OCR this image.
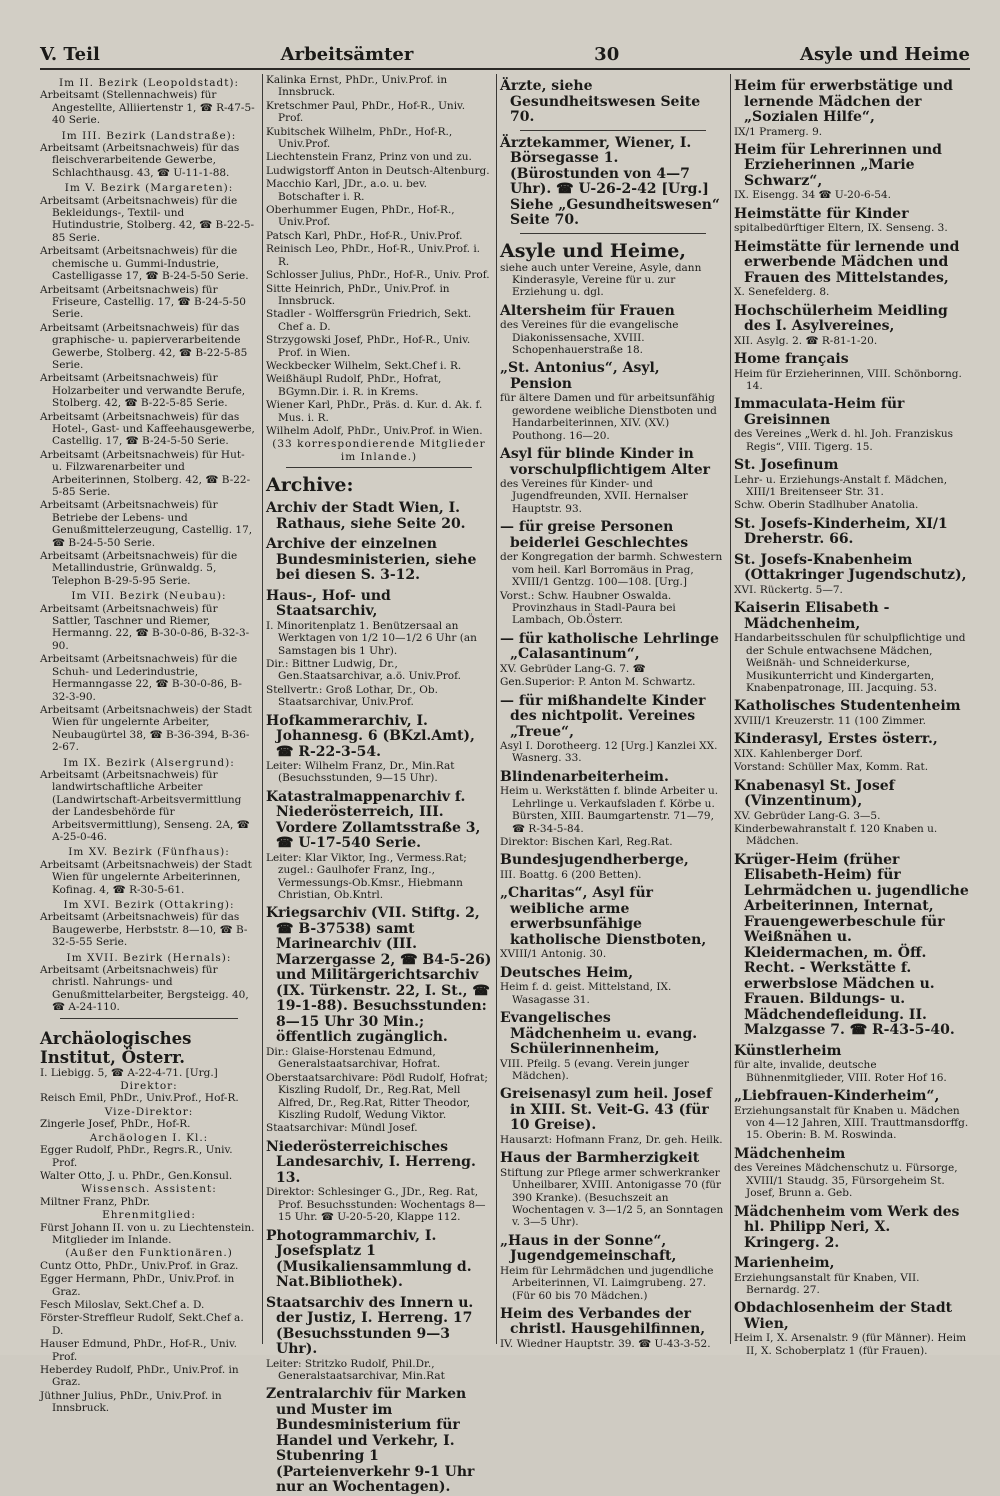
V. Teil	Arbeitsämter	30	Asyle und Heime
Im II. Bezirk (Leopoldstadt):
Arbeitsamt (Stellennachweis) für Angestellte, Alliiertenstr 1, ☎ R-47-5-40 Serie.
Im III. Bezirk (Landstraße):
Arbeitsamt (Arbeitsnachweis) für das fleischverarbeitende Gewerbe, Schlachthausg. 43, ☎ U-11-1-88.
Im V. Bezirk (Margareten):
Arbeitsamt (Arbeitsnachweis) für die Bekleidungs-, Textil- und Hutindustrie, Stolberg. 42, ☎ B-22-5-85 Serie.
Arbeitsamt (Arbeitsnachweis) für die chemische u. Gummi-Industrie, Castelligasse 17, ☎ B-24-5-50 Serie.
Arbeitsamt (Arbeitsnachweis) für Friseure, Castellig. 17, ☎ B-24-5-50 Serie.
Arbeitsamt (Arbeitsnachweis) für das graphische- u. papierverarbeitende Gewerbe, Stolberg. 42, ☎ B-22-5-85 Serie.
Arbeitsamt (Arbeitsnachweis) für Holzarbeiter und verwandte Berufe, Stolberg. 42, ☎ B-22-5-85 Serie.
Arbeitsamt (Arbeitsnachweis) für das Hotel-, Gast- und Kaffeehausgewerbe, Castellig. 17, ☎ B-24-5-50 Serie.
Arbeitsamt (Arbeitsnachweis) für Hut- u. Filzwarenarbeiter und Arbeiterinnen, Stolberg. 42, ☎ B-22-5-85 Serie.
Arbeitsamt (Arbeitsnachweis) für Betriebe der Lebens- und Genußmittelerzeugung, Castellig. 17, ☎ B-24-5-50 Serie.
Arbeitsamt (Arbeitsnachweis) für die Metallindustrie, Grünwaldg. 5, Telephon B-29-5-95 Serie.
Im VII. Bezirk (Neubau):
Arbeitsamt (Arbeitsnachweis) für Sattler, Taschner und Riemer, Hermanng. 22, ☎ B-30-0-86, B-32-3-90.
Arbeitsamt (Arbeitsnachweis) für die Schuh- und Lederindustrie, Hermanngasse 22, ☎ B-30-0-86, B-32-3-90.
Arbeitsamt (Arbeitsnachweis) der Stadt Wien für ungelernte Arbeiter, Neubaugürtel 38, ☎ B-36-394, B-36-2-67.
Im IX. Bezirk (Alsergrund):
Arbeitsamt (Arbeitsnachweis) für landwirtschaftliche Arbeiter (Landwirtschaft-Arbeitsvermittlung der Landesbehörde für Arbeitsvermittlung), Senseng. 2A, ☎ A-25-0-46.
Im XV. Bezirk (Fünfhaus):
Arbeitsamt (Arbeitsnachweis) der Stadt Wien für ungelernte Arbeiterinnen, Kofinag. 4, ☎ R-30-5-61.
Im XVI. Bezirk (Ottakring):
Arbeitsamt (Arbeitsnachweis) für das Baugewerbe, Herbststr. 8—10, ☎ B-32-5-55 Serie.
Im XVII. Bezirk (Hernals):
Arbeitsamt (Arbeitsnachweis) für christl. Nahrungs- und Genußmittelarbeiter, Bergsteigg. 40, ☎ A-24-110.
Archäologisches Institut, Österr.
I. Liebigg. 5, ☎ A-22-4-71. [Urg.]
Direktor:
Reisch Emil, PhDr., Univ.Prof., Hof-R.
Vize-Direktor:
Zingerle Josef, PhDr., Hof-R.
Archäologen I. Kl.:
Egger Rudolf, PhDr., Regrs.R., Univ. Prof.
Walter Otto, J. u. PhDr., Gen.Konsul.
Wissensch. Assistent:
Miltner Franz, PhDr.
Ehrenmitglied:
Fürst Johann II. von u. zu Liechtenstein. Mitglieder im Inlande.
(Außer den Funktionären.)
Cuntz Otto, PhDr., Univ.Prof. in Graz.
Egger Hermann, PhDr., Univ.Prof. in Graz.
Fesch Miloslav, Sekt.Chef a. D.
Förster-Streffleur Rudolf, Sekt.Chef a. D.
Hauser Edmund, PhDr., Hof-R., Univ. Prof.
Heberdey Rudolf, PhDr., Univ.Prof. in Graz.
Jüthner Julius, PhDr., Univ.Prof. in Innsbruck.
Kalinka Ernst, PhDr., Univ.Prof. in Innsbruck.
Kretschmer Paul, PhDr., Hof-R., Univ. Prof.
Kubitschek Wilhelm, PhDr., Hof-R., Univ.Prof.
Liechtenstein Franz, Prinz von und zu.
Ludwigstorff Anton in Deutsch-Altenburg.
Macchio Karl, JDr., a.o. u. bev. Botschafter i. R.
Oberhummer Eugen, PhDr., Hof-R., Univ.Prof.
Patsch Karl, PhDr., Hof-R., Univ.Prof.
Reinisch Leo, PhDr., Hof-R., Univ.Prof. i. R.
Schlosser Julius, PhDr., Hof-R., Univ. Prof.
Sitte Heinrich, PhDr., Univ.Prof. in Innsbruck.
Stadler - Wolffersgrün Friedrich, Sekt. Chef a. D.
Strzygowski Josef, PhDr., Hof-R., Univ. Prof. in Wien.
Weckbecker Wilhelm, Sekt.Chef i. R.
Weißhäupl Rudolf, PhDr., Hofrat, BGymn.Dir. i. R. in Krems.
Wiener Karl, PhDr., Präs. d. Kur. d. Ak. f. Mus. i. R.
Wilhelm Adolf, PhDr., Univ.Prof. in Wien.
(33 korrespondierende Mitglieder im Inlande.)
Archive:
Archiv der Stadt Wien, I. Rathaus, siehe Seite 20.
Archive der einzelnen Bundesministerien, siehe bei diesen S. 3-12.
Haus-, Hof- und Staatsarchiv,
I. Minoritenplatz 1. Benützersaal an Werktagen von 1/2 10—1/2 6 Uhr (an Samstagen bis 1 Uhr).
Dir.: Bittner Ludwig, Dr., Gen.Staatsarchivar, a.ö. Univ.Prof.
Stellvertr.: Groß Lothar, Dr., Ob. Staatsarchivar, Univ.Prof.
Hofkammerarchiv, I. Johannesg. 6 (BKzl.Amt), ☎ R-22-3-54.
Leiter: Wilhelm Franz, Dr., Min.Rat (Besuchsstunden, 9—15 Uhr).
Katastralmappenarchiv f. Niederösterreich, III. Vordere Zollamtsstraße 3, ☎ U-17-540 Serie.
Leiter: Klar Viktor, Ing., Vermess.Rat; zugel.: Gaulhofer Franz, Ing., Vermessungs-Ob.Kmsr., Hiebmann Christian, Ob.Kntrl.
Kriegsarchiv (VII. Stiftg. 2, ☎ B-37538) samt Marinearchiv (III. Marzergasse 2, ☎ B4-5-26) und Militärgerichtsarchiv (IX. Türkenstr. 22, I. St., ☎ 19-1-88). Besuchsstunden: 8—15 Uhr 30 Min.; öffentlich zugänglich.
Dir.: Glaise-Horstenau Edmund, Generalstaatsarchivar, Hofrat.
Oberstaatsarchivare: Pödl Rudolf, Hofrat; Kiszling Rudolf, Dr., Reg.Rat, Mell Alfred, Dr., Reg.Rat, Ritter Theodor, Kiszling Rudolf, Wedung Viktor.
Staatsarchivar: Mündl Josef.
Niederösterreichisches Landesarchiv, I. Herreng. 13.
Direktor: Schlesinger G., JDr., Reg. Rat, Prof. Besuchsstunden: Wochentags 8—15 Uhr. ☎ U-20-5-20, Klappe 112.
Photogrammarchiv, I. Josefsplatz 1 (Musikaliensammlung d. Nat.Bibliothek).
Staatsarchiv des Innern u. der Justiz, I. Herreng. 17 (Besuchsstunden 9—3 Uhr).
Leiter: Stritzko Rudolf, Phil.Dr., Generalstaatsarchivar, Min.Rat
Zentralarchiv für Marken und Muster im Bundesministerium für Handel und Verkehr, I. Stubenring 1 (Parteienverkehr 9-1 Uhr nur an Wochentagen).
Ärzte, siehe Gesundheitswesen Seite 70.
Ärztekammer, Wiener, I. Börsegasse 1. (Bürostunden von 4—7 Uhr). ☎ U-26-2-42 [Urg.] Siehe „Gesundheitswesen“ Seite 70.
Asyle und Heime,
siehe auch unter Vereine, Asyle, dann Kinderasyle, Vereine für u. zur Erziehung u. dgl.
Altersheim für Frauen
des Vereines für die evangelische Diakonissensache, XVIII. Schopenhauerstraße 18.
„St. Antonius“, Asyl, Pension
für ältere Damen und für arbeitsunfähig gewordene weibliche Dienstboten und Handarbeiterinnen, XIV. (XV.) Pouthong. 16—20.
Asyl für blinde Kinder in vorschulpflichtigem Alter
des Vereines für Kinder- und Jugendfreunden, XVII. Hernalser Hauptstr. 93.
— für greise Personen beiderlei Geschlechtes
der Kongregation der barmh. Schwestern vom heil. Karl Borromäus in Prag, XVIII/1 Gentzg. 100—108. [Urg.]
Vorst.: Schw. Haubner Oswalda. Provinzhaus in Stadl-Paura bei Lambach, Ob.Österr.
— für katholische Lehrlinge „Calasantinum“,
XV. Gebrüder Lang-G. 7. ☎
Gen.Superior: P. Anton M. Schwartz.
— für mißhandelte Kinder des nichtpolit. Vereines „Treue“,
Asyl I. Dorotheerg. 12 [Urg.] Kanzlei XX. Wasnerg. 33.
Blindenarbeiterheim.
Heim u. Werkstätten f. blinde Arbeiter u. Lehrlinge u. Verkaufsladen f. Körbe u. Bürsten, XIII. Baumgartenstr. 71—79, ☎ R-34-5-84.
Direktor: Bischen Karl, Reg.Rat.
Bundesjugendherberge,
III. Boattg. 6 (200 Betten).
„Charitas“, Asyl für weibliche arme erwerbsunfähige katholische Dienstboten,
XVIII/1 Antonig. 30.
Deutsches Heim,
Heim f. d. geist. Mittelstand, IX. Wasagasse 31.
Evangelisches Mädchenheim u. evang. Schülerinnenheim,
VIII. Pfeilg. 5 (evang. Verein junger Mädchen).
Greisenasyl zum heil. Josef in XIII. St. Veit-G. 43 (für 10 Greise).
Hausarzt: Hofmann Franz, Dr. geh. Heilk.
Haus der Barmherzigkeit
Stiftung zur Pflege armer schwerkranker Unheilbarer, XVIII. Antonigasse 70 (für 390 Kranke). (Besuchszeit an Wochentagen v. 3—1/2 5, an Sonntagen v. 3—5 Uhr).
„Haus in der Sonne“, Jugendgemeinschaft,
Heim für Lehrmädchen und jugendliche Arbeiterinnen, VI. Laimgrubeng. 27. (Für 60 bis 70 Mädchen.)
Heim des Verbandes der christl. Hausgehilfinnen,
IV. Wiedner Hauptstr. 39. ☎ U-43-3-52.
Heim für erwerbstätige und lernende Mädchen der „Sozialen Hilfe“,
IX/1 Pramerg. 9.
Heim für Lehrerinnen und Erzieherinnen „Marie Schwarz“,
IX. Eisengg. 34 ☎ U-20-6-54.
Heimstätte für Kinder
spitalbedürftiger Eltern, IX. Senseng. 3.
Heimstätte für lernende und erwerbende Mädchen und Frauen des Mittelstandes,
X. Senefelderg. 8.
Hochschülerheim Meidling des I. Asylvereines,
XII. Asylg. 2. ☎ R-81-1-20.
Home français
Heim für Erzieherinnen, VIII. Schönborng. 14.
Immaculata-Heim für Greisinnen
des Vereines „Werk d. hl. Joh. Franziskus Regis“, VIII. Tigerg. 15.
St. Josefinum
Lehr- u. Erziehungs-Anstalt f. Mädchen, XIII/1 Breitenseer Str. 31.
Schw. Oberin Stadlhuber Anatolia.
St. Josefs-Kinderheim, XI/1 Dreherstr. 66.
St. Josefs-Knabenheim (Ottakringer Jugendschutz),
XVI. Rückertg. 5—7.
Kaiserin Elisabeth - Mädchenheim,
Handarbeitsschulen für schulpflichtige und der Schule entwachsene Mädchen, Weißnäh- und Schneiderkurse, Musikunterricht und Kindergarten, Knabenpatronage, III. Jacquing. 53.
Katholisches Studentenheim
XVIII/1 Kreuzerstr. 11 (100 Zimmer.
Kinderasyl, Erstes österr.,
XIX. Kahlenberger Dorf.
Vorstand: Schüller Max, Komm. Rat.
Knabenasyl St. Josef (Vinzentinum),
XV. Gebrüder Lang-G. 3—5.
Kinderbewahranstalt f. 120 Knaben u. Mädchen.
Krüger-Heim (früher Elisabeth-Heim) für Lehrmädchen u. jugendliche Arbeiterinnen, Internat, Frauengewerbeschule für Weißnähen u. Kleidermachen, m. Öff. Recht. - Werkstätte f. erwerbslose Mädchen u. Frauen. Bildungs- u. Mädchendefleidung. II. Malzgasse 7. ☎ R-43-5-40.
Künstlerheim
für alte, invalide, deutsche Bühnenmitglieder, VIII. Roter Hof 16.
„Liebfrauen-Kinderheim“,
Erziehungsanstalt für Knaben u. Mädchen von 4—12 Jahren, XIII. Trauttmansdorffg. 15. Oberin: B. M. Roswinda.
Mädchenheim
des Vereines Mädchenschutz u. Fürsorge, XVIII/1 Staudg. 35, Fürsorgeheim St. Josef, Brunn a. Geb.
Mädchenheim vom Werk des hl. Philipp Neri, X. Kringerg. 2.
Marienheim,
Erziehungsanstalt für Knaben, VII. Bernardg. 27.
Obdachlosenheim der Stadt Wien,
Heim I, X. Arsenalstr. 9 (für Männer). Heim II, X. Schoberplatz 1 (für Frauen).
